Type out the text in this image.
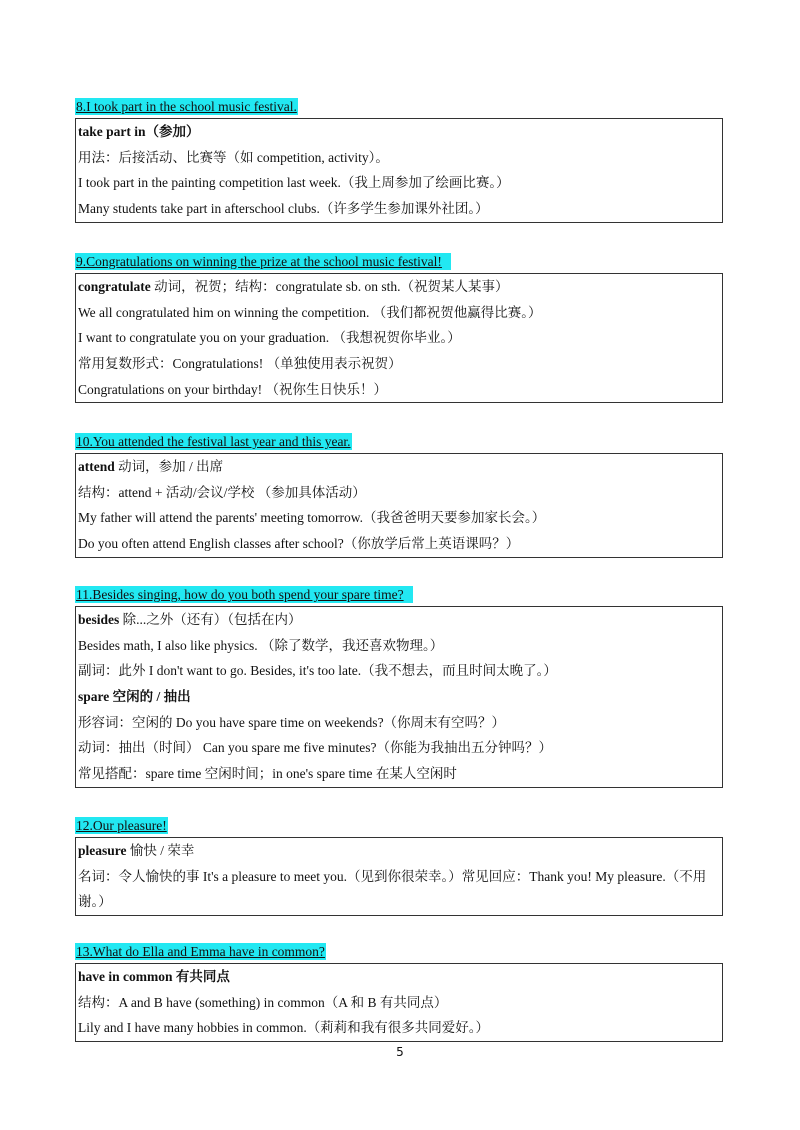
8.I took part in the school music festival.
take part in（参加）
用法：后接活动、比赛等（如 competition, activity）。
I took part in the painting competition last week.（我上周参加了绘画比赛。）
Many students take part in afterschool clubs.（许多学生参加课外社团。）
9.Congratulations on winning the prize at the school music festival!
congratulate 动词，祝贺；结构：congratulate sb. on sth.（祝贺某人某事）
We all congratulated him on winning the competition. （我们都祝贺他赢得比赛。）
I want to congratulate you on your graduation. （我想祝贺你毕业。）
常用复数形式：Congratulations! （单独使用表示祝贺）
Congratulations on your birthday! （祝你生日快乐！）
10.You attended the festival last year and this year.
attend 动词，参加 / 出席
结构：attend + 活动/会议/学校 （参加具体活动）
My father will attend the parents' meeting tomorrow.（我爸爸明天要参加家长会。）
Do you often attend English classes after school?（你放学后常上英语课吗？）
11.Besides singing, how do you both spend your spare time?
besides 除...之外（还有）（包括在内）
Besides math, I also like physics. （除了数学，我还喜欢物理。）
副词：此外 I don't want to go. Besides, it's too late.（我不想去，而且时间太晚了。）
spare 空闲的 / 抽出
形容词：空闲的 Do you have spare time on weekends?（你周末有空吗？）
动词：抽出（时间） Can you spare me five minutes?（你能为我抽出五分钟吗？）
常见搭配：spare time 空闲时间；in one's spare time 在某人空闲时
12.Our pleasure!
pleasure 愉快 / 荣幸
名词：令人愉快的事 It's a pleasure to meet you.（见到你很荣幸。）常见回应：Thank you! My pleasure.（不用谢。）
13.What do Ella and Emma have in common?
have in common 有共同点
结构：A and B have (something) in common（A 和 B 有共同点）
Lily and I have many hobbies in common.（莉莉和我有很多共同爱好。）
5
